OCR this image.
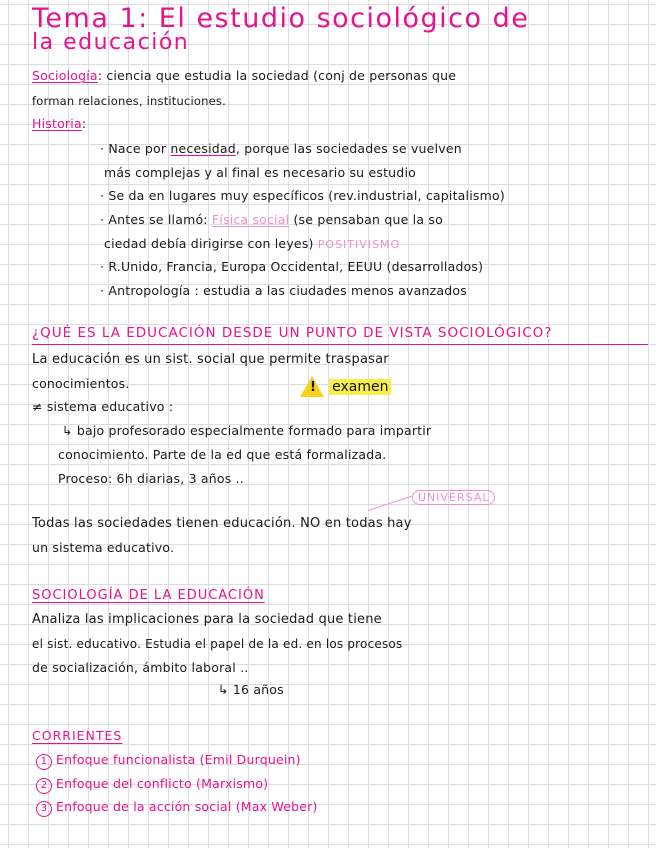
Tema 1: El estudio sociológico de
la educación
Sociología: ciencia que estudia la sociedad (conj de personas que
forman relaciones, instituciones.
Historia:
· Nace por necesidad, porque las sociedades se vuelven
más complejas y al final es necesario su estudio
· Se da en lugares muy específicos (rev.industrial, capitalismo)
· Antes se llamó: Física social (se pensaban que la so
ciedad debía dirigirse con leyes) POSITIVISMO
· R.Unido, Francia, Europa Occidental, EEUU (desarrollados)
· Antropología : estudia a las ciudades menos avanzados
¿QUÉ ES LA EDUCACIÓN DESDE UN PUNTO DE VISTA SOCIOLÓGICO?
La educación es un sist. social que permite traspasar
conocimientos.	! examen
≠ sistema educativo :
↳ bajo profesorado especialmente formado para impartir
conocimiento. Parte de la ed que está formalizada.
Proceso: 6h diarias, 3 años ..
UNIVERSAL
Todas las sociedades tienen educación. NO en todas hay
un sistema educativo.
SOCIOLOGÍA DE LA EDUCACIÓN
Analiza las implicaciones para la sociedad que tiene
el sist. educativo. Estudia el papel de la ed. en los procesos
de socialización, ámbito laboral ..
↳ 16 años
CORRIENTES
1 Enfoque funcionalista (Emil Durquein)
2 Enfoque del conflicto (Marxismo)
3 Enfoque de la acción social (Max Weber)
